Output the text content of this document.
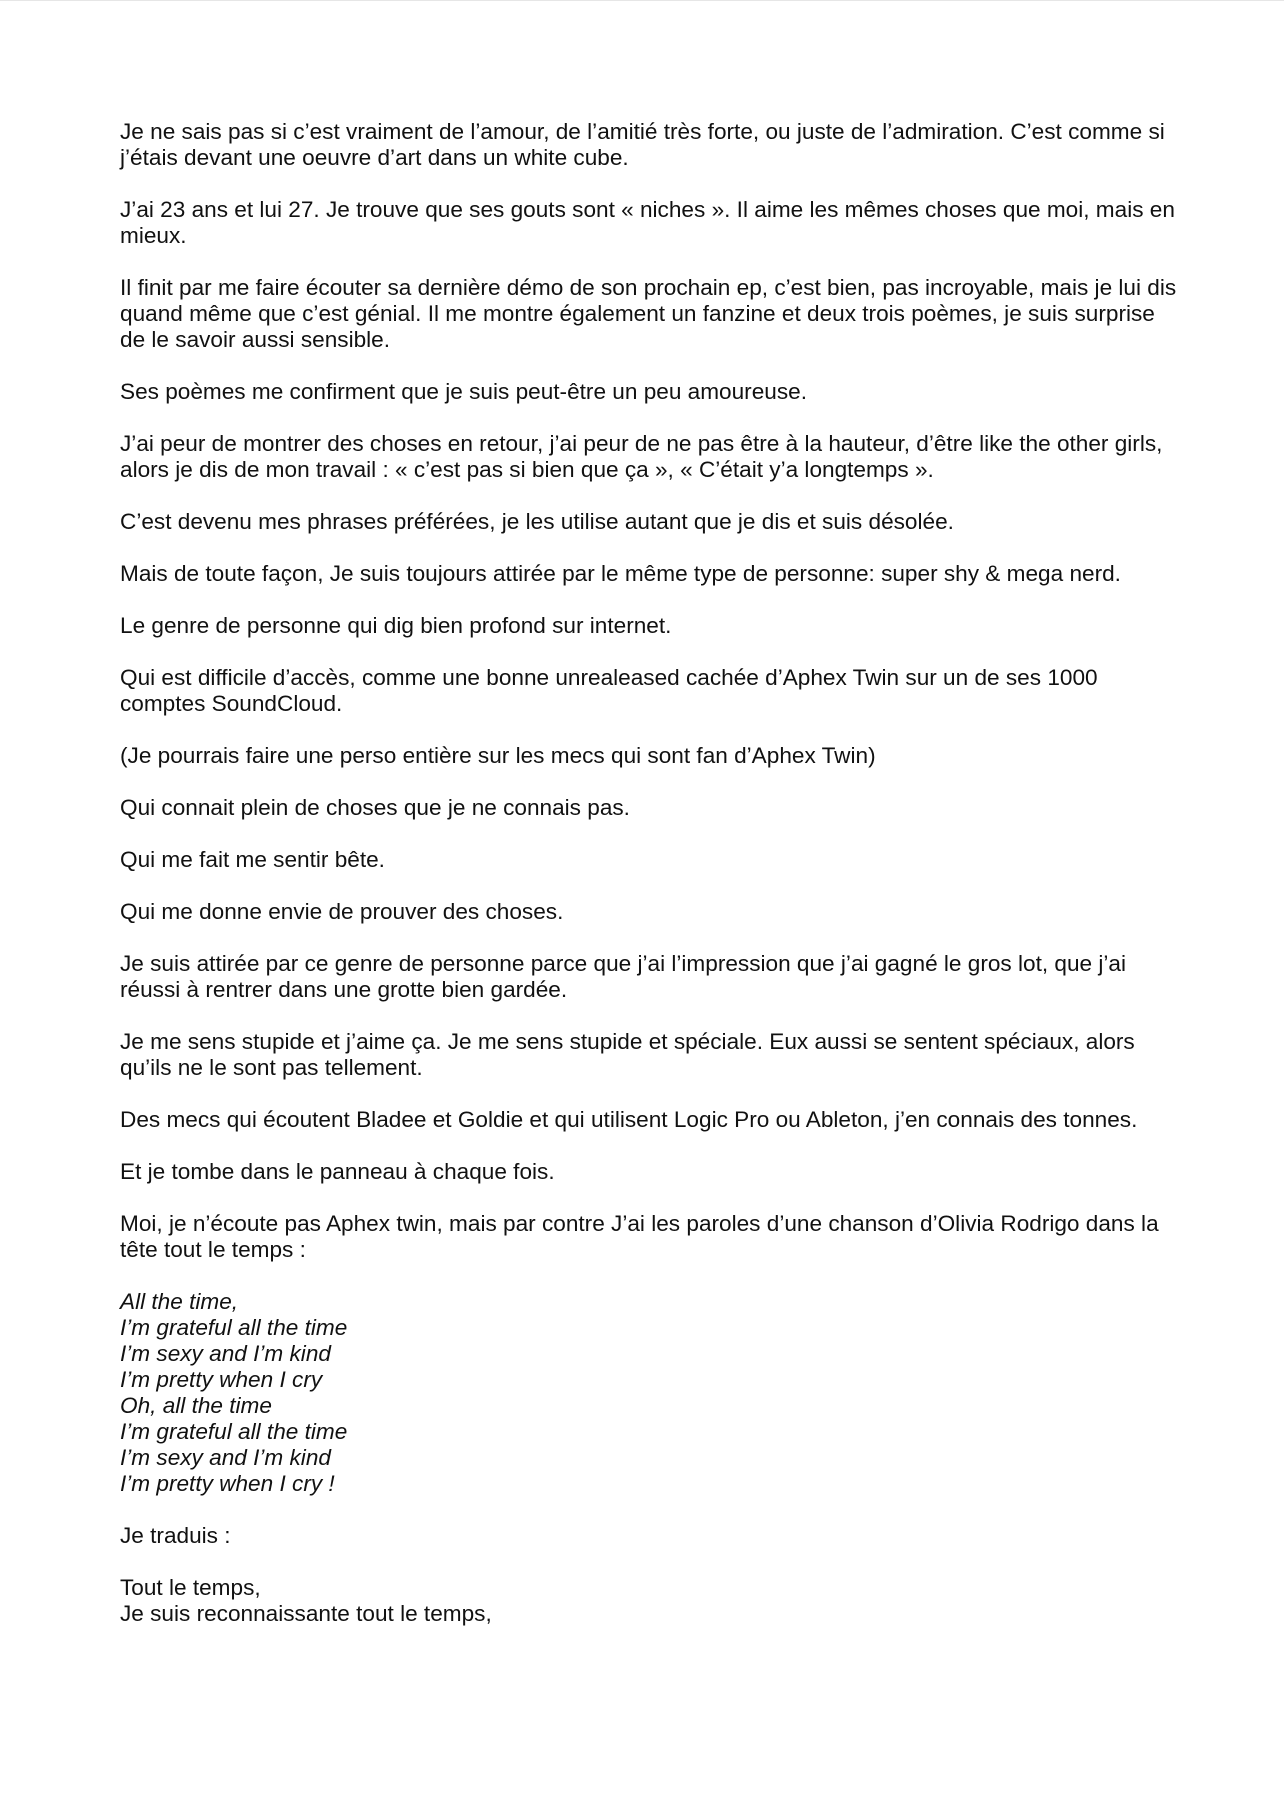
Je ne sais pas si c’est vraiment de l’amour, de l’amitié très forte, ou juste de l’admiration. C’est comme si j’étais devant une oeuvre d’art dans un white cube.

J’ai 23 ans et lui 27. Je trouve que ses gouts sont « niches ». Il aime les mêmes choses que moi, mais en mieux.

Il finit par me faire écouter sa dernière démo de son prochain ep, c’est bien, pas incroyable, mais je lui dis quand même que c’est génial. Il me montre également un fanzine et deux trois poèmes, je suis surprise de le savoir aussi sensible.

Ses poèmes me confirment que je suis peut-être un peu amoureuse.

J’ai peur de montrer des choses en retour, j’ai peur de ne pas être à la hauteur, d’être like the other girls, alors je dis de mon travail : « c’est pas si bien que ça », « C’était y’a longtemps ».

C’est devenu mes phrases préférées, je les utilise autant que je dis et suis désolée.

Mais de toute façon, Je suis toujours attirée par le même type de personne: super shy & mega nerd.

Le genre de personne qui dig bien profond sur internet.

Qui est difficile d’accès, comme une bonne unrealeased cachée d’Aphex Twin sur un de ses 1000 comptes SoundCloud.

(Je pourrais faire une perso entière sur les mecs qui sont fan d’Aphex Twin)

Qui connait plein de choses que je ne connais pas.

Qui me fait me sentir bête.

Qui me donne envie de prouver des choses.

Je suis attirée par ce genre de personne parce que j’ai l’impression que j’ai gagné le gros lot, que j’ai réussi à rentrer dans une grotte bien gardée.

Je me sens stupide et j’aime ça. Je me sens stupide et spéciale. Eux aussi se sentent spéciaux, alors qu’ils ne le sont pas tellement.

Des mecs qui écoutent Bladee et Goldie et qui utilisent Logic Pro ou Ableton, j’en connais des tonnes.

Et je tombe dans le panneau à chaque fois.

Moi, je n’écoute pas Aphex twin, mais par contre J’ai les paroles d’une chanson d’Olivia Rodrigo dans la tête tout le temps :

All the time,
I’m grateful all the time
I’m sexy and I’m kind
I’m pretty when I cry
Oh, all the time
I’m grateful all the time
I’m sexy and I’m kind
I’m pretty when I cry !

Je traduis :

Tout le temps,
Je suis reconnaissante tout le temps,
